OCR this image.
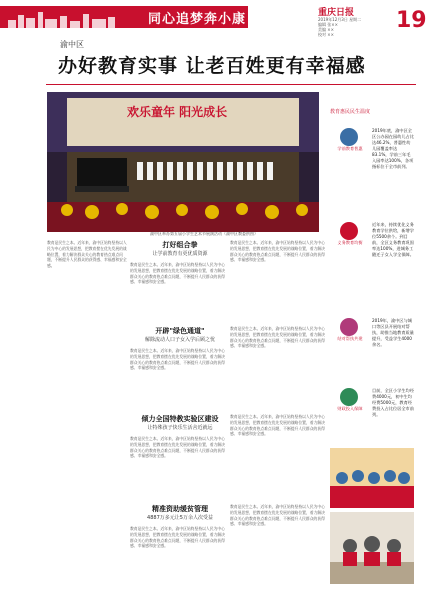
同心追梦奔小康	重庆日报
2019年12月3日 星期二
编辑 张××
美编 ××
校对 ××
19
渝中区
办好教育实事 让老百姓更有幸福感
欢乐童年 阳光成长
渝中区举办第五届小学生艺术节展演活动（渝中区教委供图）
教育惠民民生温度
学前教育普惠
2019年底，渝中区全区公办园在园幼儿占比达46.2%，普惠性幼儿园覆盖率达83.1%，学前三年毛入园率达100%，各项指标位于全市前列。
义务教育均衡
近年来，持续优化义务教育学位供给，新增学位5500余个。到目前，全区义务教育巩固率达100%，进城务工随迁子女入学全保障。
结对帮扶共建
2019年，渝中区与城口等区县开展结对帮扶，助推当地教育质量提升，受益学生4000余名。
财政投入保障
目前，全区小学生均经费4000元，初中生均经费5000元，教育经费投入占比位居全市前列。
教育是民生之本。近年来，渝中区始终坚持以人民为中心的发展思想，把教育摆在优先发展的战略位置，着力解决群众关心的教育热点难点问题，不断提升人民群众的获得感、幸福感和安全感。
打好组合拳
让学前教育有更优质资源
教育是民生之本。近年来，渝中区始终坚持以人民为中心的发展思想，把教育摆在优先发展的战略位置，着力解决群众关心的教育热点难点问题，不断提升人民群众的获得感、幸福感和安全感。
教育是民生之本。近年来，渝中区始终坚持以人民为中心的发展思想，把教育摆在优先发展的战略位置，着力解决群众关心的教育热点难点问题，不断提升人民群众的获得感、幸福感和安全感。
开辟"绿色通道"
解除流动人口子女入学后顾之忧
教育是民生之本。近年来，渝中区始终坚持以人民为中心的发展思想，把教育摆在优先发展的战略位置，着力解决群众关心的教育热点难点问题，不断提升人民群众的获得感、幸福感和安全感。
教育是民生之本。近年来，渝中区始终坚持以人民为中心的发展思想，把教育摆在优先发展的战略位置，着力解决群众关心的教育热点难点问题，不断提升人民群众的获得感、幸福感和安全感。
倾力全国特教实验区建设
让特殊孩子快乐生活舍近就远
教育是民生之本。近年来，渝中区始终坚持以人民为中心的发展思想，把教育摆在优先发展的战略位置，着力解决群众关心的教育热点难点问题，不断提升人民群众的获得感、幸福感和安全感。
教育是民生之本。近年来，渝中区始终坚持以人民为中心的发展思想，把教育摆在优先发展的战略位置，着力解决群众关心的教育热点难点问题，不断提升人民群众的获得感、幸福感和安全感。
精准资助缓贫管理
4887万多元让5万余人次受益
教育是民生之本。近年来，渝中区始终坚持以人民为中心的发展思想，把教育摆在优先发展的战略位置，着力解决群众关心的教育热点难点问题，不断提升人民群众的获得感、幸福感和安全感。
教育是民生之本。近年来，渝中区始终坚持以人民为中心的发展思想，把教育摆在优先发展的战略位置，着力解决群众关心的教育热点难点问题，不断提升人民群众的获得感、幸福感和安全感。
